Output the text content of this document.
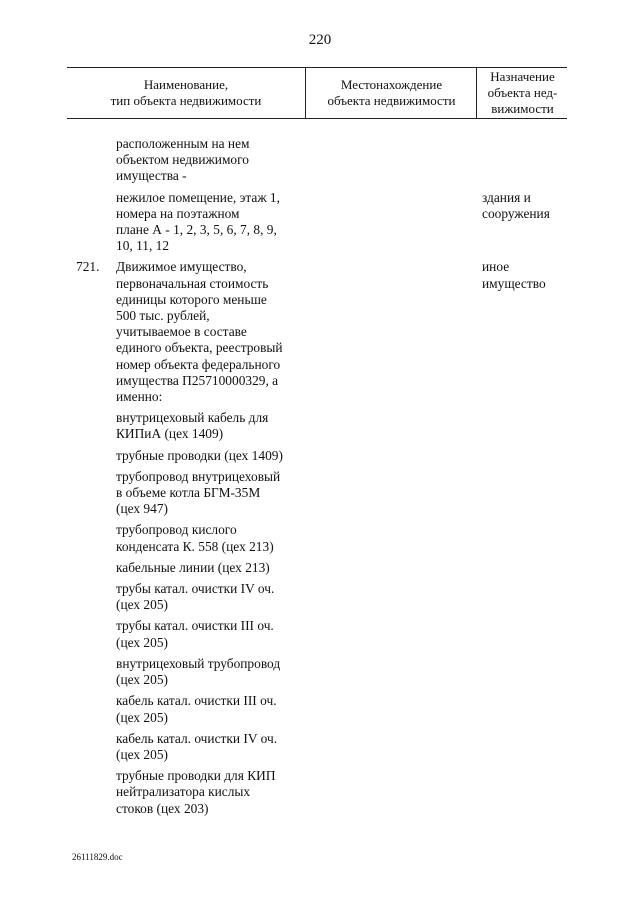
220
Наименование,
тип объекта недвижимости
Местонахождение
объекта недвижимости
Назначение
объекта нед-
вижимости
расположенным на нем
объектом недвижимого
имущества -
нежилое помещение, этаж 1,
номера на поэтажном
плане А - 1, 2, 3, 5, 6, 7, 8, 9,
10, 11, 12
здания и
сооружения
721. Движимое имущество,
первоначальная стоимость
единицы которого меньше
500 тыс. рублей,
учитываемое в составе
единого объекта, реестровый
номер объекта федерального
имущества П25710000329, а
именно:
иное
имущество
внутрицеховый кабель для
КИПиА (цех 1409)
трубные проводки (цех 1409)
трубопровод внутрицеховый
в объеме котла БГМ-35М
(цех 947)
трубопровод кислого
конденсата К. 558 (цех 213)
кабельные линии (цех 213)
трубы катал. очистки IV оч.
(цех 205)
трубы катал. очистки III оч.
(цех 205)
внутрицеховый трубопровод
(цех 205)
кабель катал. очистки III оч.
(цех 205)
кабель катал. очистки IV оч.
(цех 205)
трубные проводки для КИП
нейтрализатора кислых
стоков (цех 203)
26111829.doc
